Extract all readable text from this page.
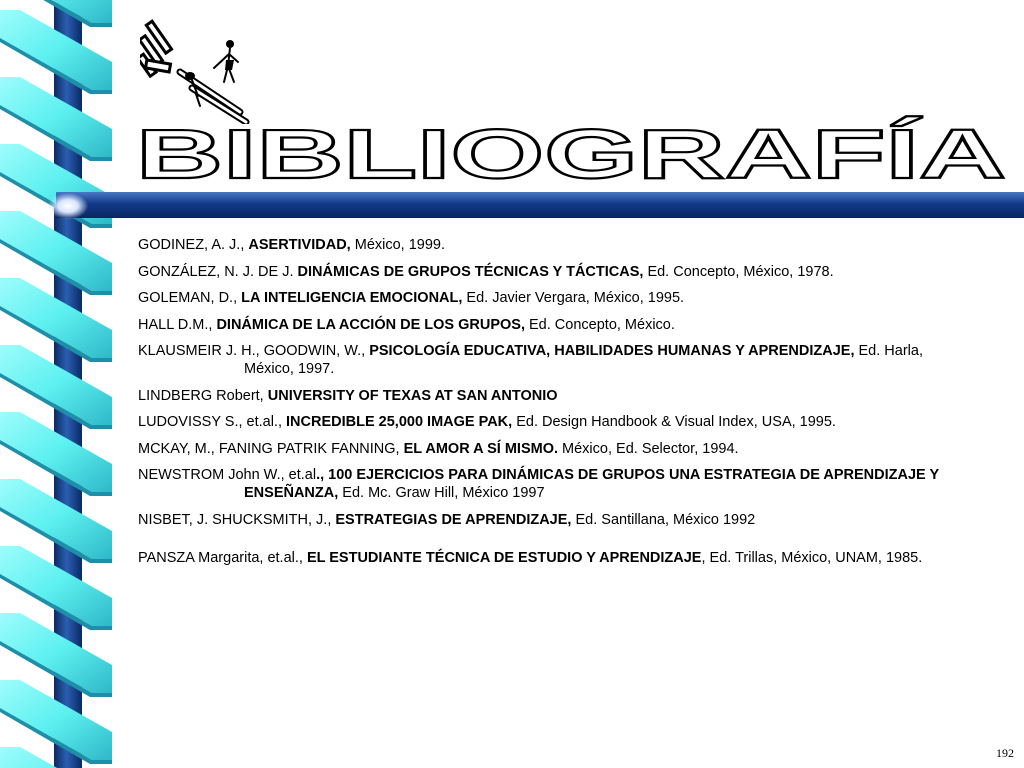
BIBLIOGRAFÍA
GODINEZ, A. J., ASERTIVIDAD, México, 1999.
GONZÁLEZ, N. J. DE J. DINÁMICAS DE GRUPOS TÉCNICAS Y TÁCTICAS, Ed. Concepto, México, 1978.
GOLEMAN, D., LA INTELIGENCIA EMOCIONAL, Ed. Javier Vergara, México, 1995.
HALL D.M., DINÁMICA DE LA ACCIÓN DE LOS GRUPOS, Ed. Concepto, México.
KLAUSMEIR J. H., GOODWIN, W., PSICOLOGÍA EDUCATIVA, HABILIDADES HUMANAS Y APRENDIZAJE, Ed. Harla, México, 1997.
LINDBERG Robert, UNIVERSITY OF TEXAS AT SAN ANTONIO
LUDOVISSY S., et.al., INCREDIBLE 25,000 IMAGE PAK, Ed. Design Handbook & Visual Index, USA, 1995.
MCKAY, M., FANING PATRIK FANNING, EL AMOR A SÍ MISMO. México, Ed. Selector, 1994.
NEWSTROM John W., et.al., 100 EJERCICIOS PARA DINÁMICAS DE GRUPOS UNA ESTRATEGIA DE APRENDIZAJE Y ENSEÑANZA, Ed. Mc. Graw Hill, México 1997
NISBET, J. SHUCKSMITH, J., ESTRATEGIAS DE APRENDIZAJE, Ed. Santillana, México 1992
PANSZA Margarita, et.al., EL ESTUDIANTE TÉCNICA DE ESTUDIO Y APRENDIZAJE, Ed. Trillas, México, UNAM, 1985.
192
